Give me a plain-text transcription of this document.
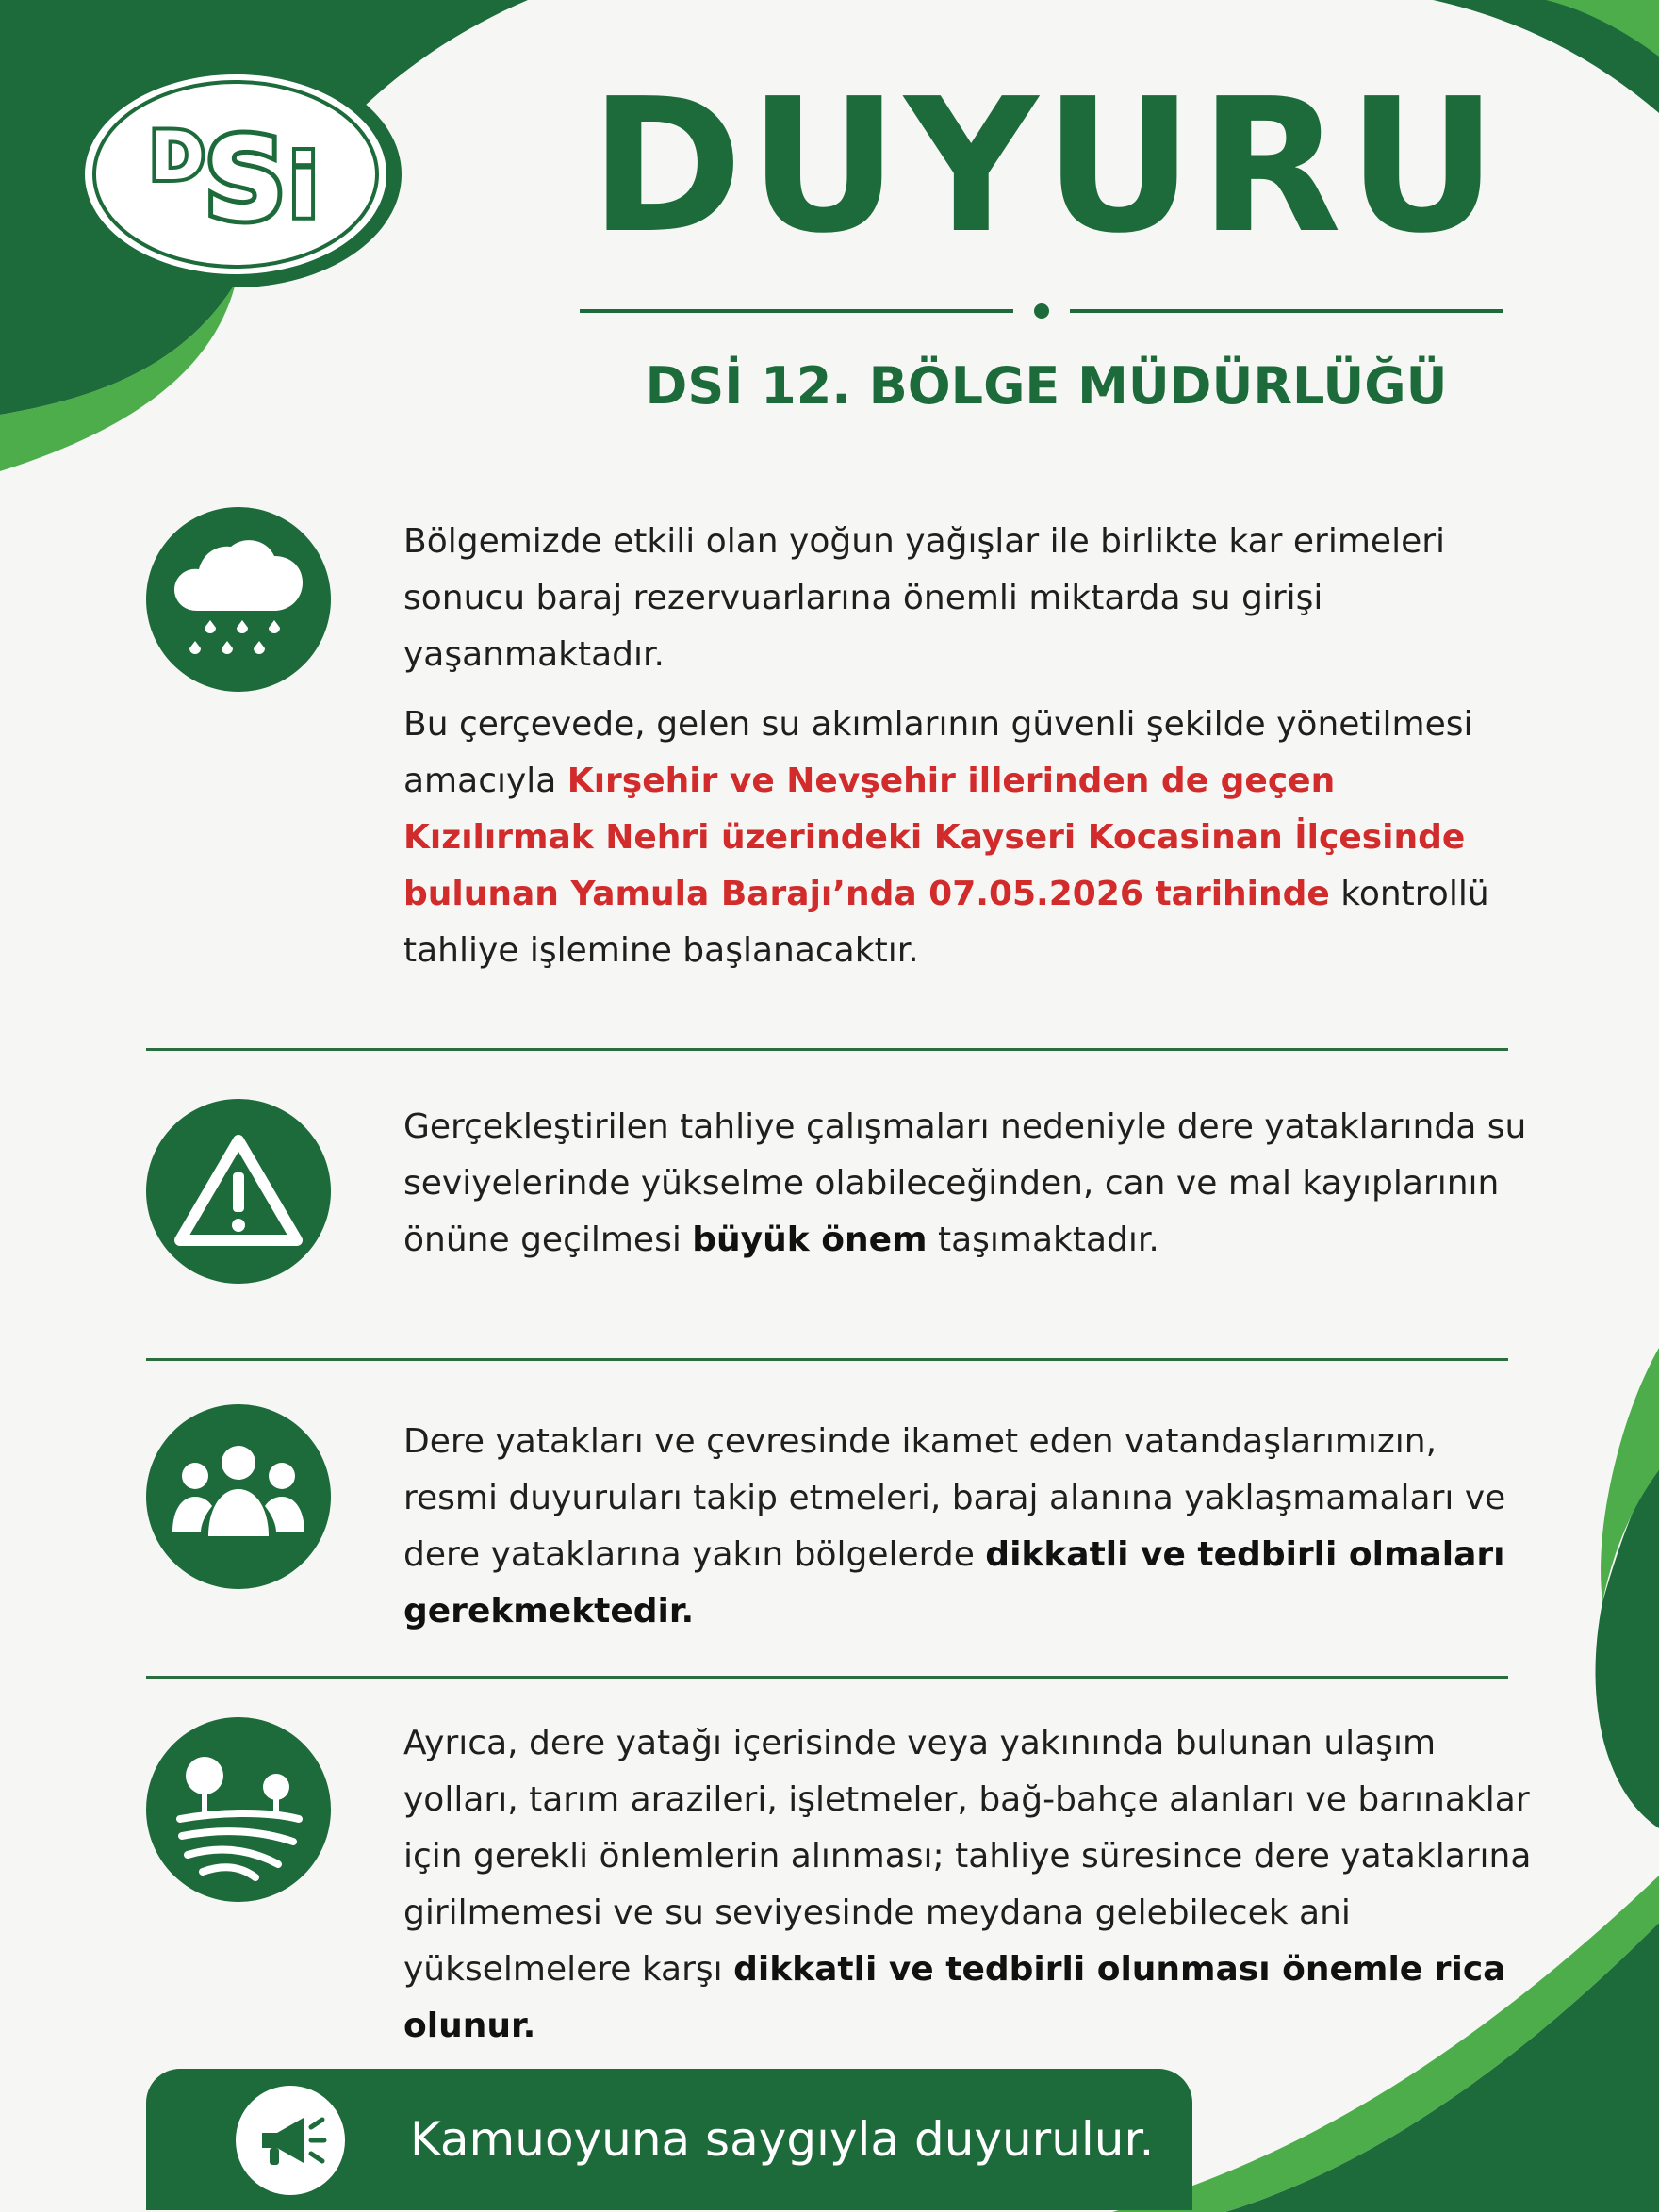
D S i DUYURU
DSİ 12. BÖLGE MÜDÜRLÜĞÜ

Bölgemizde etkili olan yoğun yağışlar ile birlikte kar erimeleri sonucu baraj rezervuarlarına önemli miktarda su girişi yaşanmaktadır.

Bu çerçevede, gelen su akımlarının güvenli şekilde yönetilmesi amacıyla Kırşehir ve Nevşehir illerinden de geçen Kızılırmak Nehri üzerindeki Kayseri Kocasinan İlçesinde bulunan Yamula Barajı’nda 07.05.2026 tarihinde kontrollü tahliye işlemine başlanacaktır.

Gerçekleştirilen tahliye çalışmaları nedeniyle dere yataklarında su seviyelerinde yükselme olabileceğinden, can ve mal kayıplarının önüne geçilmesi büyük önem taşımaktadır.

Dere yatakları ve çevresinde ikamet eden vatandaşlarımızın, resmi duyuruları takip etmeleri, baraj alanına yaklaşmamaları ve dere yataklarına yakın bölgelerde dikkatli ve tedbirli olmaları gerekmektedir.

Ayrıca, dere yatağı içerisinde veya yakınında bulunan ulaşım yolları, tarım arazileri, işletmeler, bağ-bahçe alanları ve barınaklar için gerekli önlemlerin alınması; tahliye süresince dere yataklarına girilmemesi ve su seviyesinde meydana gelebilecek ani yükselmelere karşı dikkatli ve tedbirli olunması önemle rica olunur.

Kamuoyuna saygıyla duyurulur.
